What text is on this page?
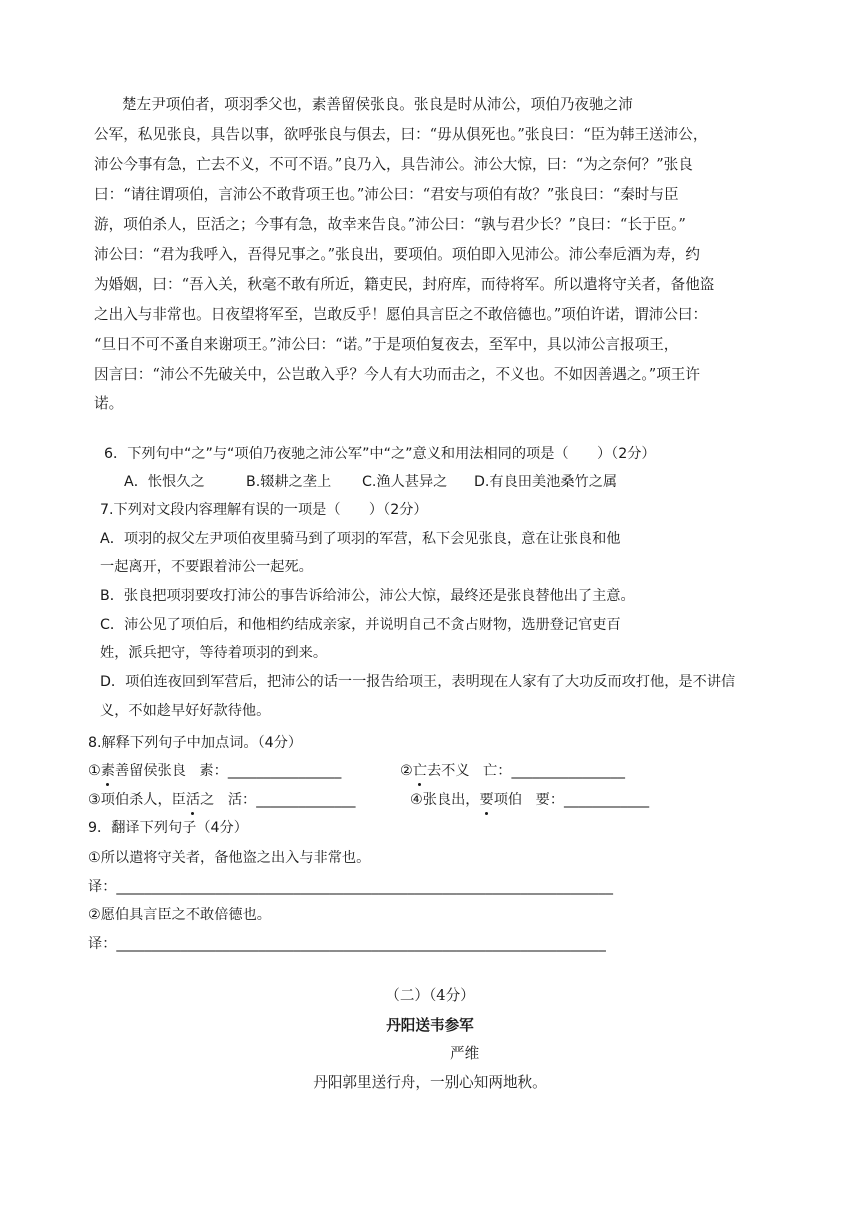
楚左尹项伯者，项羽季父也，素善留侯张良。张良是时从沛公，项伯乃夜驰之沛
公军，私见张良，具告以事，欲呼张良与俱去，曰：“毋从俱死也。”张良曰：“臣为韩王送沛公，
沛公今事有急，亡去不义，不可不语。”良乃入，具告沛公。沛公大惊，曰：“为之奈何？”张良
曰：“请往谓项伯，言沛公不敢背项王也。”沛公曰：“君安与项伯有故？”张良曰：“秦时与臣
游，项伯杀人，臣活之；今事有急，故幸来告良。”沛公曰：“孰与君少长？”良曰：“长于臣。”
沛公曰：“君为我呼入，吾得兄事之。”张良出，要项伯。项伯即入见沛公。沛公奉卮酒为寿，约
为婚姻，曰：“吾入关，秋毫不敢有所近，籍吏民，封府库，而待将军。所以遣将守关者，备他盗
之出入与非常也。日夜望将军至，岂敢反乎！愿伯具言臣之不敢倍德也。”项伯许诺，谓沛公曰：
“旦日不可不蚤自来谢项王。”沛公曰：“诺。”于是项伯复夜去，至军中，具以沛公言报项王，
因言曰：“沛公不先破关中，公岂敢入乎？今人有大功而击之，不义也。不如因善遇之。”项王许
诺。
6．下列句中“之”与“项伯乃夜驰之沛公军”中“之”意义和用法相同的项是（　　）（2分）
A．怅恨久之	B.辍耕之垄上 C.渔人甚异之 D.有良田美池桑竹之属
7.下列对文段内容理解有误的一项是（　　）（2分）
A．项羽的叔父左尹项伯夜里骑马到了项羽的军营，私下会见张良，意在让张良和他
一起离开，不要跟着沛公一起死。
B．张良把项羽要攻打沛公的事告诉给沛公，沛公大惊，最终还是张良替他出了主意。
C．沛公见了项伯后，和他相约结成亲家，并说明自己不贪占财物，选册登记官吏百
姓，派兵把守，等待着项羽的到来。
D．项伯连夜回到军营后，把沛公的话一一报告给项王，表明现在人家有了大功反而攻打他，是不讲信
义，不如趁早好好款待他。
8.解释下列句子中加点词。（4分）
①素善留侯张良 素：________________	②亡去不义 亡：________________
③项伯杀人，臣活之 活：______________	④张良出，要项伯 要：____________
9．翻译下列句子（4分）
①所以遣将守关者，备他盗之出入与非常也。
译：______________________________________________________________________
②愿伯具言臣之不敢倍德也。
译：_____________________________________________________________________
（二）（4分）
丹阳送韦参军
严维
丹阳郭里送行舟，一别心知两地秋。
